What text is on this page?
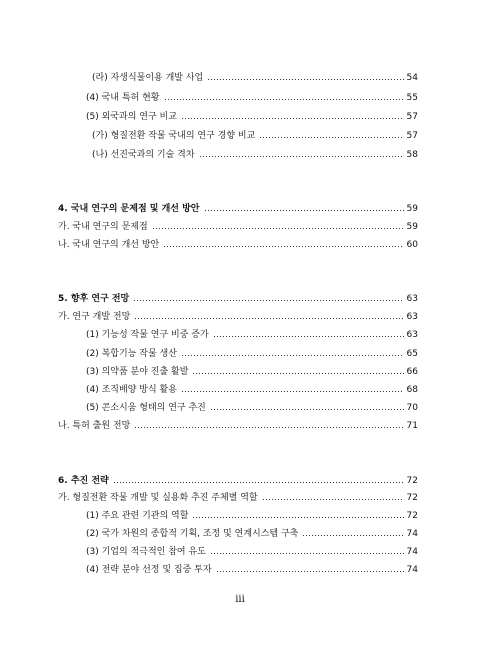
(라) 자생식물이용 개발 사업	54
(4) 국내 특허 현황	55
(5) 외국과의 연구 비교	57
(가) 형질전환 작물 국내의 연구 경향 비교	57
(나) 선진국과의 기술 격차	58
4. 국내 연구의 문제점 및 개선 방안	59
가. 국내 연구의 문제점	59
나. 국내 연구의 개선 방안	60
5. 향후 연구 전망	63
가. 연구 개발 전망	63
(1) 기능성 작물 연구 비중 증가	63
(2) 복합기능 작물 생산	65
(3) 의약품 분야 진출 활발	66
(4) 조직배양 방식 활용	68
(5) 콘소시움 형태의 연구 추진	70
나. 특허 출원 전망	71
6. 추진 전략	72
가. 형질전환 작물 개발 및 실용화 추진 주체별 역할	72
(1) 주요 관련 기관의 역할	72
(2) 국가 차원의 종합적 기획, 조정 및 연계시스템 구축	74
(3) 기업의 적극적인 참여 유도	74
(4) 전략 분야 선정 및 집중 투자	74
iii
